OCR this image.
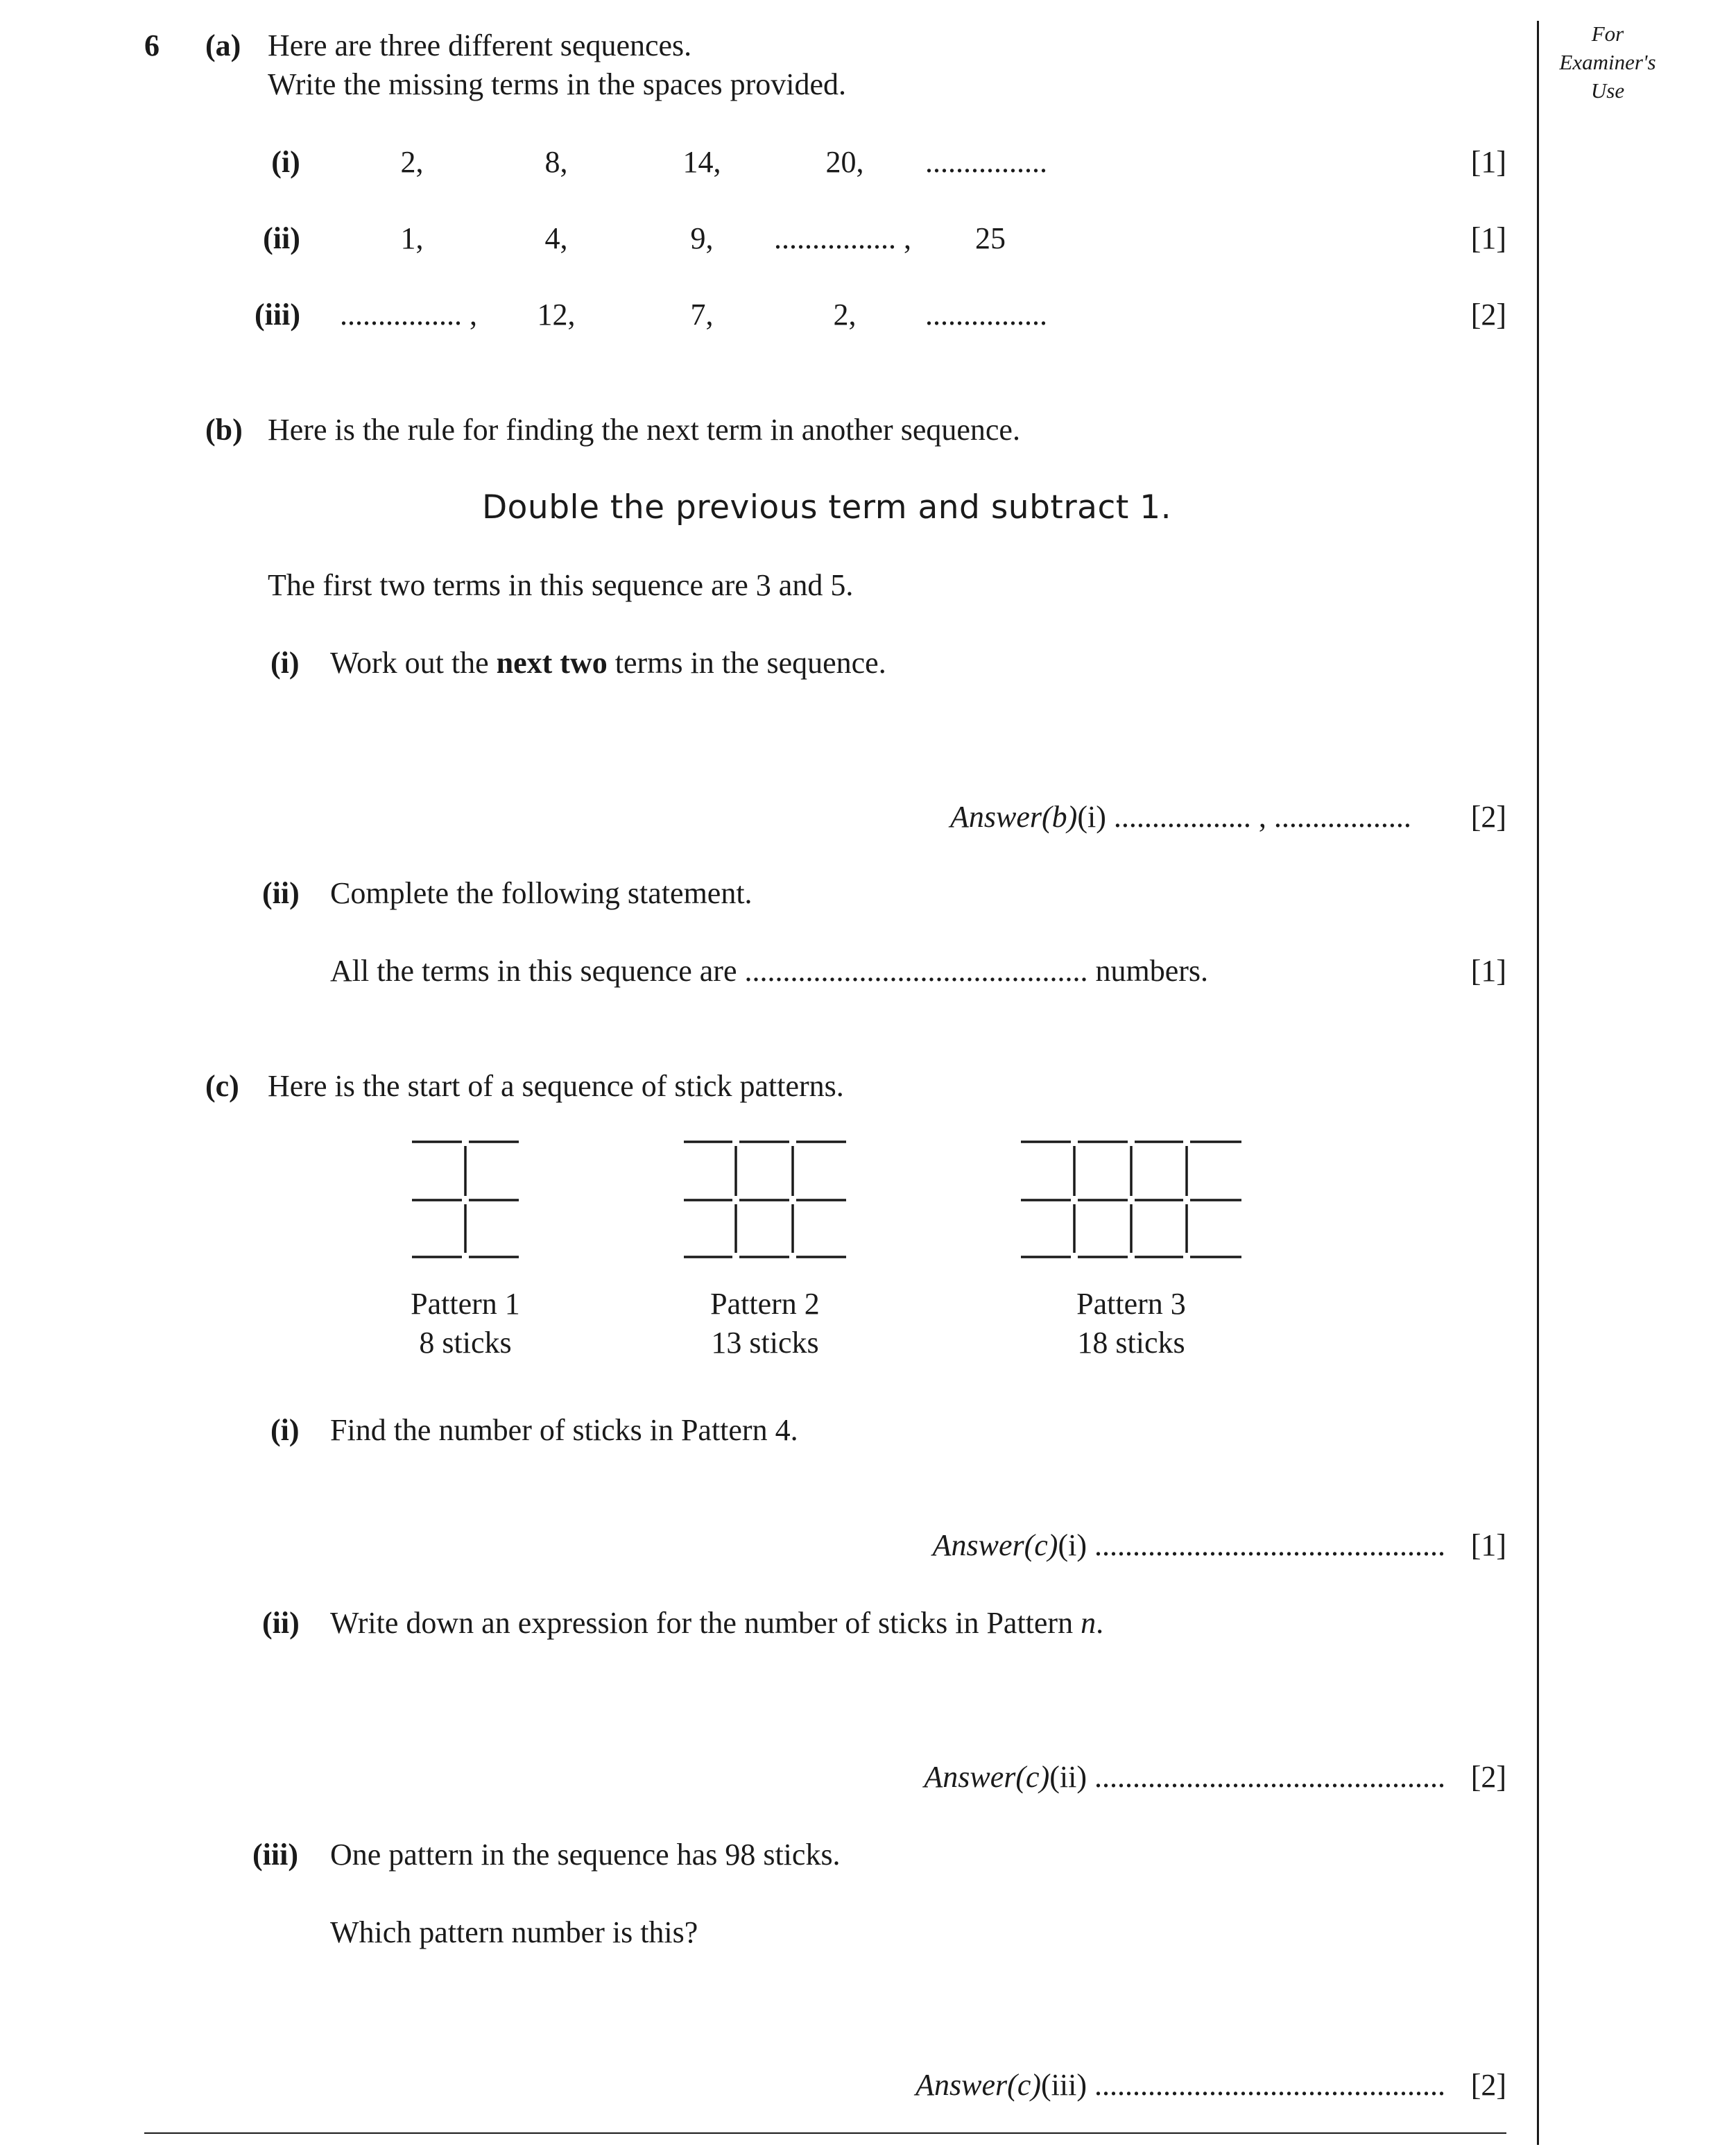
For
Examiner's
Use
6 (a) Here are three different sequences.
Write the missing terms in the spaces provided.
(i)	2,	8,	14,	20, ................	[1]
(ii)	1,	4,	9, ................ , 25	[1]
(iii) ................ , 12,	7,	2, ................	[2]
(b) Here is the rule for finding the next term in another sequence.
Double the previous term and subtract 1.
The first two terms in this sequence are 3 and 5.
(i) Work out the next two terms in the sequence.
Answer(b)(i) .................. , .................. [2]
(ii) Complete the following statement.
All the terms in this sequence are ............................................. numbers.	[1]
(c) Here is the start of a sequence of stick patterns.
Pattern 1
8 sticks
Pattern 2
13 sticks
Pattern 3
18 sticks
(i) Find the number of sticks in Pattern 4.
Answer(c)(i) .............................................. [1]
(ii) Write down an expression for the number of sticks in Pattern n.
Answer(c)(ii) .............................................. [2]
(iii) One pattern in the sequence has 98 sticks.
Which pattern number is this?
Answer(c)(iii) .............................................. [2]
